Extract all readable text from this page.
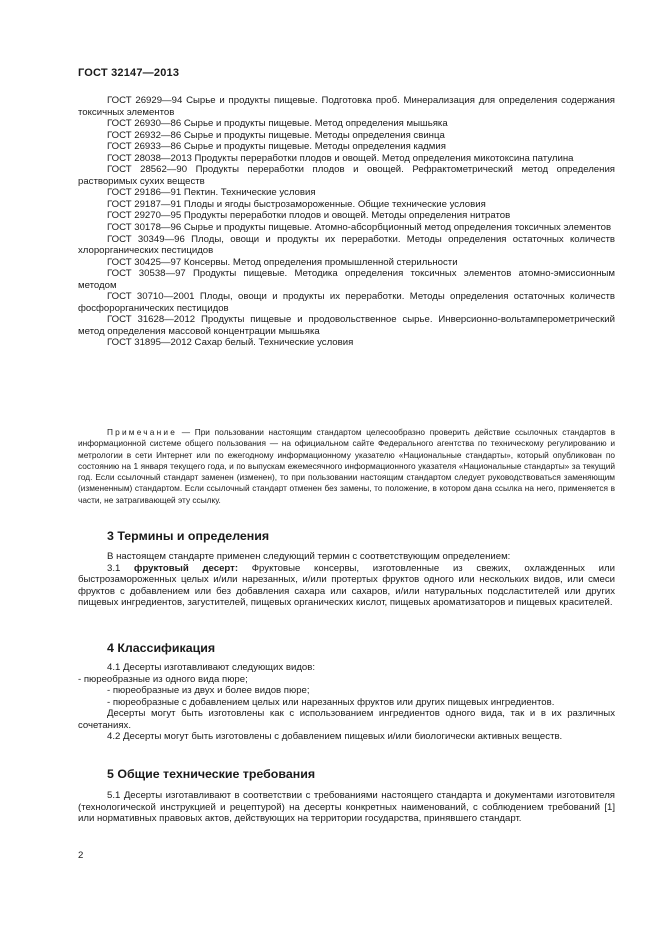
ГОСТ 32147—2013

ГОСТ 26929—94 Сырье и продукты пищевые. Подготовка проб. Минерализация для определения содержания токсичных элементов

ГОСТ 26930—86 Сырье и продукты пищевые. Метод определения мышьяка

ГОСТ 26932—86 Сырье и продукты пищевые. Методы определения свинца

ГОСТ 26933—86 Сырье и продукты пищевые. Методы определения кадмия

ГОСТ 28038—2013 Продукты переработки плодов и овощей. Метод определения микотоксина патулина

ГОСТ 28562—90 Продукты переработки плодов и овощей. Рефрактометрический метод определения растворимых сухих веществ

ГОСТ 29186—91 Пектин. Технические условия

ГОСТ 29187—91 Плоды и ягоды быстрозамороженные. Общие технические условия

ГОСТ 29270—95 Продукты переработки плодов и овощей. Методы определения нитратов

ГОСТ 30178—96 Сырье и продукты пищевые. Атомно-абсорбционный метод определения токсичных элементов

ГОСТ 30349—96 Плоды, овощи и продукты их переработки. Методы определения остаточных количеств хлорорганических пестицидов

ГОСТ 30425—97 Консервы. Метод определения промышленной стерильности

ГОСТ 30538—97 Продукты пищевые. Методика определения токсичных элементов атомно-эмиссионным методом

ГОСТ 30710—2001 Плоды, овощи и продукты их переработки. Методы определения остаточных количеств фосфорорганических пестицидов

ГОСТ 31628—2012 Продукты пищевые и продовольственное сырье. Инверсионно-вольтамперометрический метод определения массовой концентрации мышьяка

ГОСТ 31895—2012 Сахар белый. Технические условия

Примечание — При пользовании настоящим стандартом целесообразно проверить действие ссылочных стандартов в информационной системе общего пользования — на официальном сайте Федерального агентства по техническому регулированию и метрологии в сети Интернет или по ежегодному информационному указателю «Национальные стандарты», который опубликован по состоянию на 1 января текущего года, и по выпускам ежемесячного информационного указателя «Национальные стандарты» за текущий год. Если ссылочный стандарт заменен (изменен), то при пользовании настоящим стандартом следует руководствоваться заменяющим (измененным) стандартом. Если ссылочный стандарт отменен без замены, то положение, в котором дана ссылка на него, применяется в части, не затрагивающей эту ссылку.

3 Термины и определения

В настоящем стандарте применен следующий термин с соответствующим определением:

3.1 фруктовый десерт: Фруктовые консервы, изготовленные из свежих, охлажденных или быстрозамороженных целых и/или нарезанных, и/или протертых фруктов одного или нескольких видов, или смеси фруктов с добавлением или без добавления сахара или сахаров, и/или натуральных подсластителей или других пищевых ингредиентов, загустителей, пищевых органических кислот, пищевых ароматизаторов и пищевых красителей.

4 Классификация

4.1 Десерты изготавливают следующих видов:

- пюреобразные из одного вида пюре;

- пюреобразные из двух и более видов пюре;

- пюреобразные с добавлением целых или нарезанных фруктов или других пищевых ингредиентов.

Десерты могут быть изготовлены как с использованием ингредиентов одного вида, так и в их различных сочетаниях.

4.2 Десерты могут быть изготовлены с добавлением пищевых и/или биологически активных веществ.

5 Общие технические требования

5.1 Десерты изготавливают в соответствии с требованиями настоящего стандарта и документами изготовителя (технологической инструкцией и рецептурой) на десерты конкретных наименований, с соблюдением требований [1] или нормативных правовых актов, действующих на территории государства, принявшего стандарт.

2
